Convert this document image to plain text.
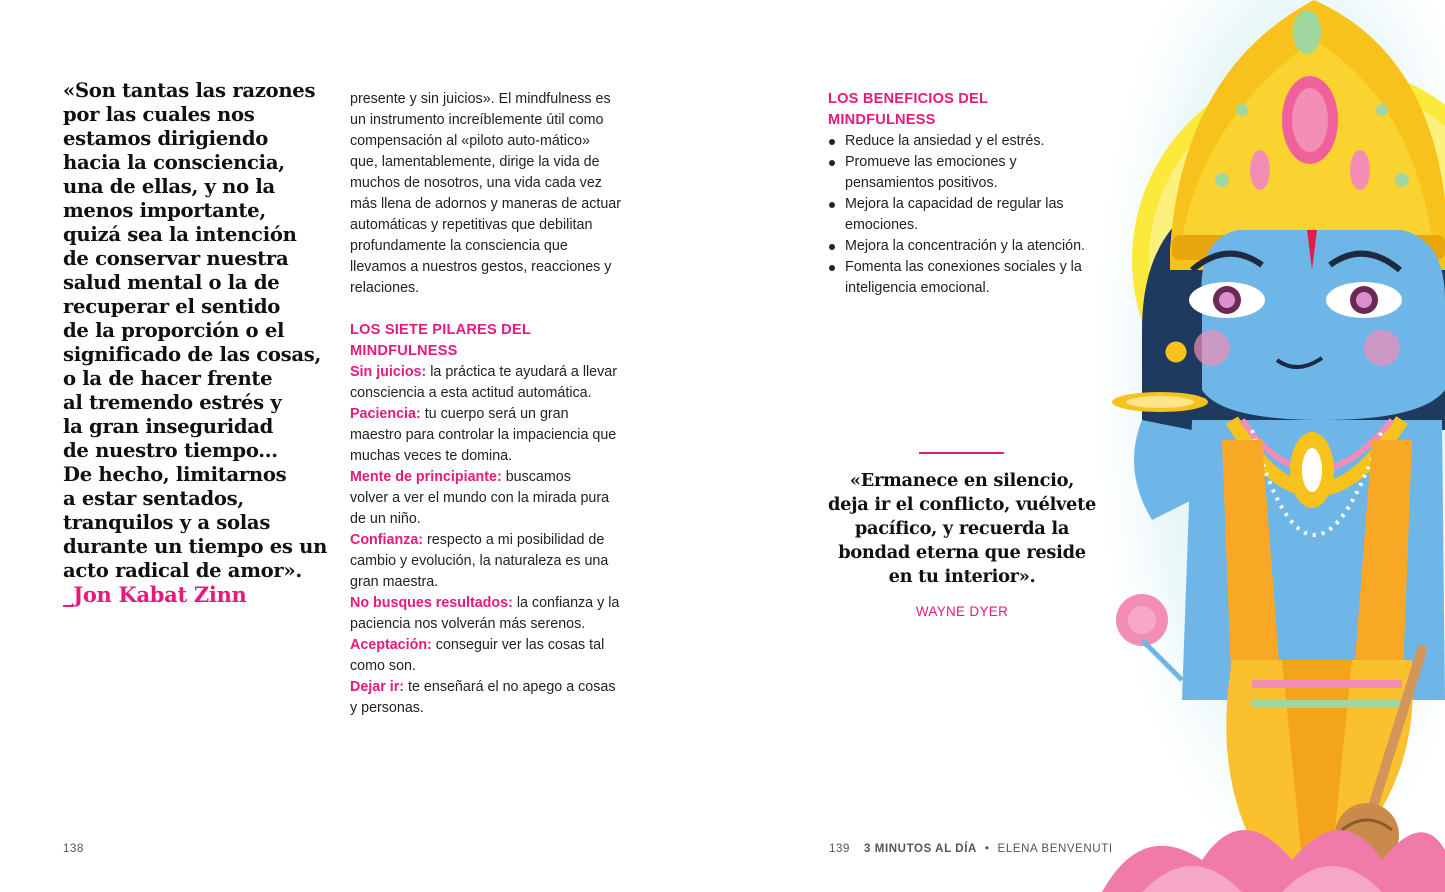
«Son tantas las razones
por las cuales nos
estamos dirigiendo
hacia la consciencia,
una de ellas, y no la
menos importante,
quizá sea la intención
de conservar nuestra
salud mental o la de
recuperar el sentido
de la proporción o el
significado de las cosas,
o la de hacer frente
al tremendo estrés y
la gran inseguridad
de nuestro tiempo...
De hecho, limitarnos
a estar sentados,
tranquilos y a solas
durante un tiempo es un
acto radical de amor».
_Jon Kabat Zinn
presente y sin juicios». El mindfulness es
un instrumento increíblemente útil como
compensación al «piloto auto-mático»
que, lamentablemente, dirige la vida de
muchos de nosotros, una vida cada vez
más llena de adornos y maneras de actuar
automáticas y repetitivas que debilitan
profundamente la consciencia que
llevamos a nuestros gestos, reacciones y
relaciones.
LOS SIETE PILARES DEL
MINDFULNESS
Sin juicios: la práctica te ayudará a llevar
consciencia a esta actitud automática.
Paciencia: tu cuerpo será un gran
maestro para controlar la impaciencia que
muchas veces te domina.
Mente de principiante: buscamos
volver a ver el mundo con la mirada pura
de un niño.
Confianza: respecto a mi posibilidad de
cambio y evolución, la naturaleza es una
gran maestra.
No busques resultados: la confianza y la
paciencia nos volverán más serenos.
Aceptación: conseguir ver las cosas tal
como son.
Dejar ir: te enseñará el no apego a cosas
y personas.
138
LOS BENEFICIOS DEL
MINDFULNESS
Reduce la ansiedad y el estrés.
Promueve las emociones y
pensamientos positivos.
Mejora la capacidad de regular las
emociones.
Mejora la concentración y la atención.
Fomenta las conexiones sociales y la
inteligencia emocional.
«Ermanece en silencio,
deja ir el conflicto, vuélvete
pacífico, y recuerda la
bondad eterna que reside
en tu interior».
WAYNE DYER
139 3 MINUTOS AL DÍA • ELENA BENVENUTI
